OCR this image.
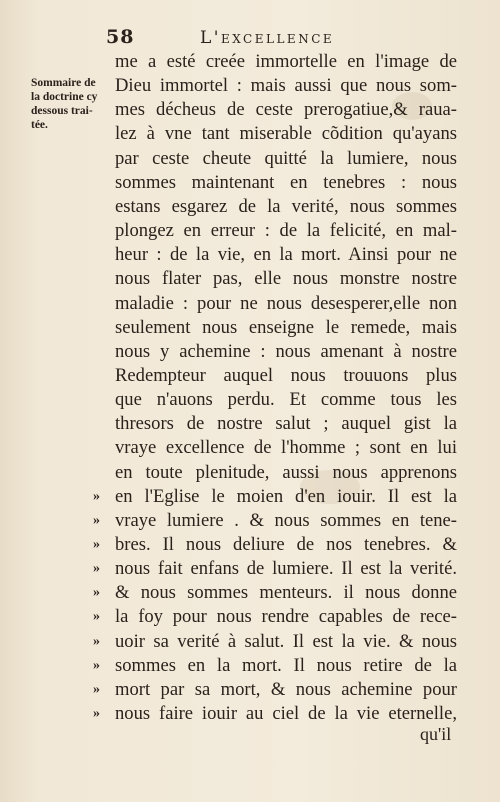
58	L'excellence
Sommaire de
la doctrine cy
dessous trai-
tée.
me a esté creée immortelle en l'image de
Dieu immortel : mais aussi que nous som-
mes décheus de ceste prerogatiue,& raua-
lez à vne tant miserable cõdition qu'ayans
par ceste cheute quitté la lumiere, nous
sommes maintenant en tenebres : nous
estans esgarez de la verité, nous sommes
plongez en erreur : de la felicité, en mal-
heur : de la vie, en la mort. Ainsi pour ne
nous flater pas, elle nous monstre nostre
maladie : pour ne nous desesperer,elle non
seulement nous enseigne le remede, mais
nous y achemine : nous amenant à nostre
Redempteur auquel nous trouuons plus
que n'auons perdu. Et comme tous les
thresors de nostre salut ; auquel gist la
vraye excellence de l'homme ; sont en lui
en toute plenitude, aussi nous apprenons
» en l'Eglise le moien d'en iouir. Il est la
» vraye lumiere . & nous sommes en tene-
» bres. Il nous deliure de nos tenebres. &
» nous fait enfans de lumiere. Il est la verité.
» & nous sommes menteurs. il nous donne
» la foy pour nous rendre capables de rece-
» uoir sa verité à salut. Il est la vie. & nous
» sommes en la mort. Il nous retire de la
» mort par sa mort, & nous achemine pour
» nous faire iouir au ciel de la vie eternelle,
qu'il
